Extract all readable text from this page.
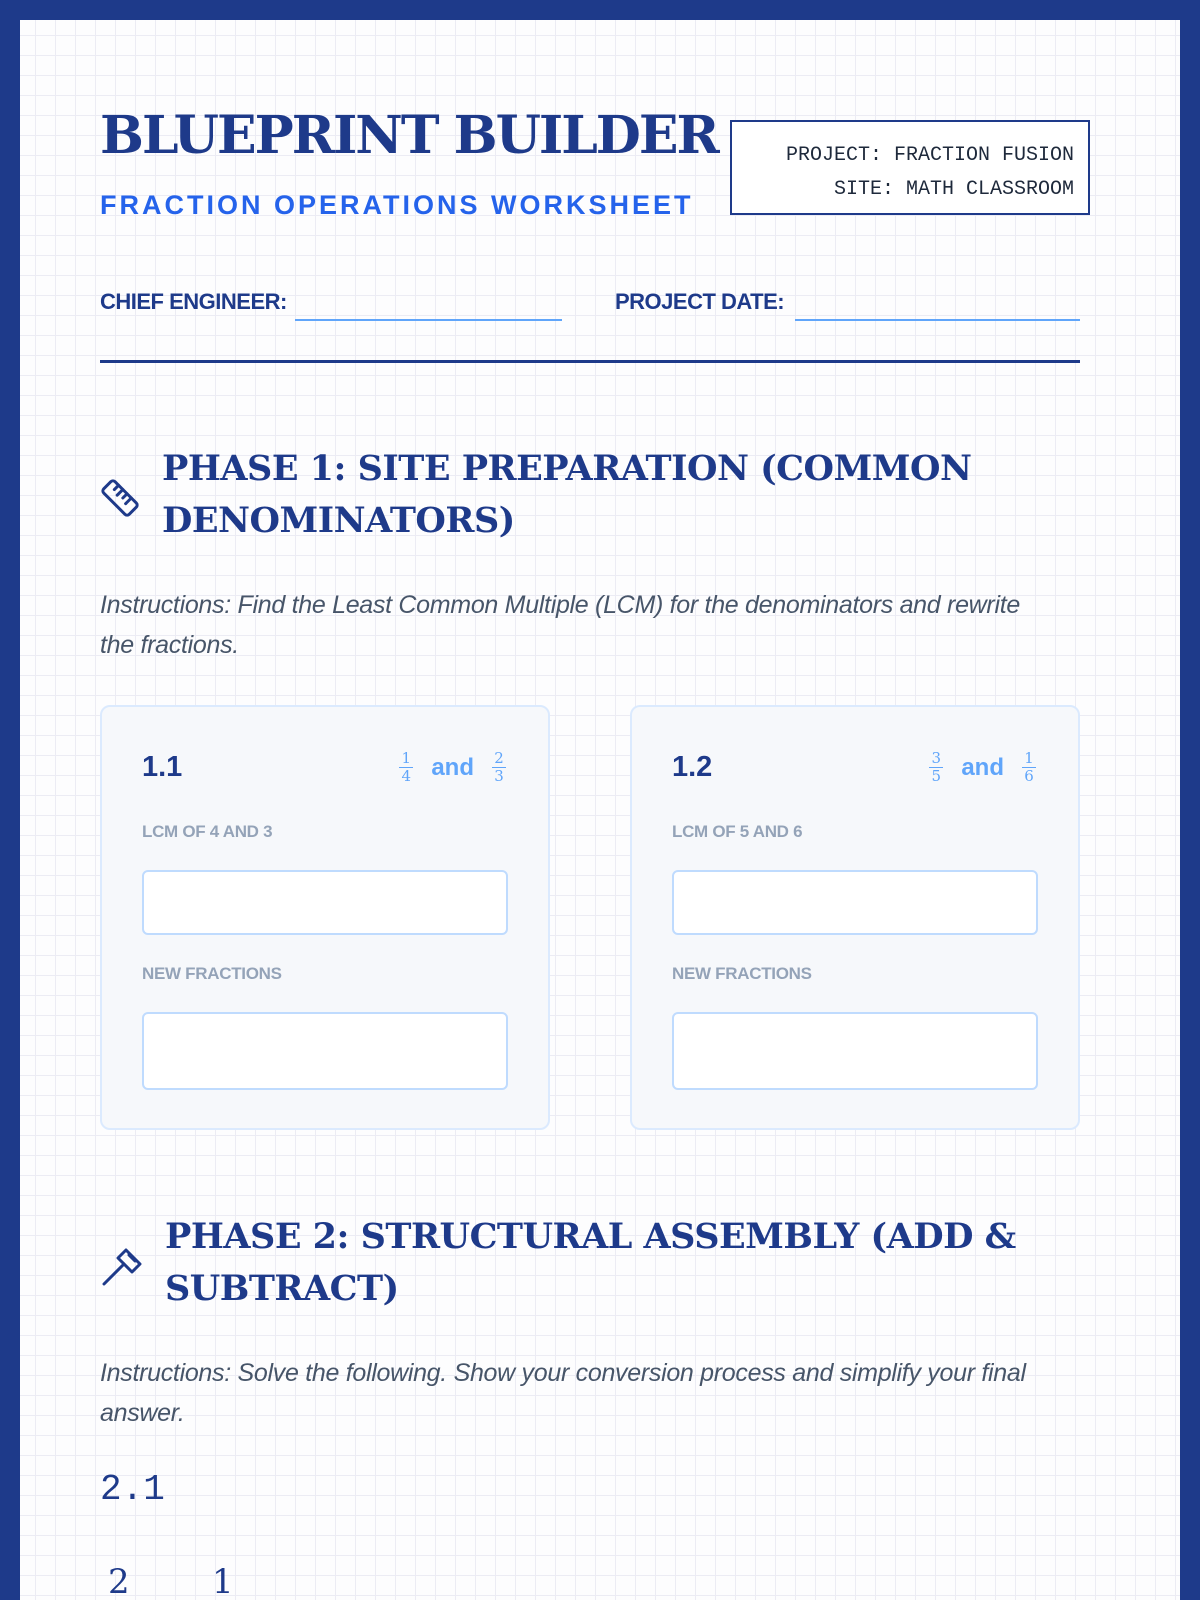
BLUEPRINT BUILDER
FRACTION OPERATIONS WORKSHEET
PROJECT: FRACTION FUSION
SITE: MATH CLASSROOM
CHIEF ENGINEER:	PROJECT DATE:
PHASE 1: SITE PREPARATION (COMMON DENOMINATORS)
Instructions: Find the Least Common Multiple (LCM) for the denominators and rewrite the fractions.
1.1	$\frac{1}{4}$ and $\frac{2}{3}$
LCM OF 4 AND 3
NEW FRACTIONS
1.2	$\frac{3}{5}$ and $\frac{1}{6}$
LCM OF 5 AND 6
NEW FRACTIONS
PHASE 2: STRUCTURAL ASSEMBLY (ADD & SUBTRACT)
Instructions: Solve the following. Show your conversion process and simplify your final answer.
2.1
2 1
